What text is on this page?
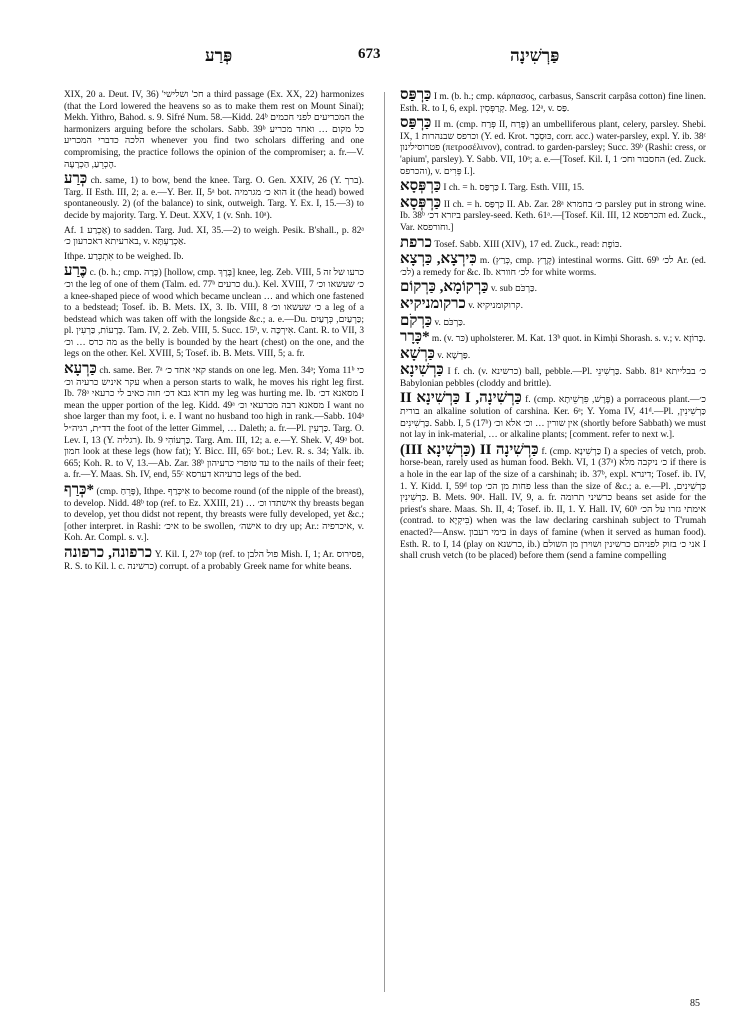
פְּרַע	673	פַּרְשִׁינָה

XIX, 20 a. Deut. IV, 36) 'חכ' ושלישי a third passage (Ex. XX, 22) harmonizes (that the Lord lowered the heavens so as to make them rest on Mount Sinai); Mekh. Yithro, Bahod. s. 9. Sifré Num. 58.—Kidd. 24ᵇ המכריעים לפני חכמים the harmonizers arguing before the scholars. Sabb. 39ᵇ כל מקום … ואחד מכריע הלכה כדברי המכריע whenever you find two scholars differing and one compromising, the practice follows the opinion of the compromiser; a. fr.—V. הֶכְרֵעַ, הַכְרָעָה.

כְּרַע ch. same, 1) to bow, bend the knee. Targ. O. Gen. XXIV, 26 (Y. ברך). Targ. II Esth. III, 2; a. e.—Y. Ber. II, 5ᵃ bot. הוא כ׳ מגרמיה it (the head) bowed spontaneously. 2) (of the balance) to sink, outweigh. Targ. Y. Ex. I, 15.—3) to decide by majority. Targ. Y. Deut. XXV, 1 (v. Snh. 10ᵃ).

Af. אַכְרַע 1) to sadden. Targ. Jud. XI, 35.—2) to weigh. Pesik. B'shall., p. 82ᵃ בארעיתא דאכרעון כ׳, v. אַכְרַעְתָּא.

Ithpe. אִתְכְּרַע to be weighed. Ib.

כֶּרַע c. (b. h.; cmp. כָּרָה) [hollow, cmp. בֶּרֶךְ] knee, leg. Zeb. VIII, 5 כרעו של זה וכ׳ the leg of one of them (Talm. ed. 77ᵇ כרעים du.). Kel. XVIII, 7 כ׳ שעשאו וכ׳ a knee-shaped piece of wood which became unclean … and which one fastened to a bedstead; Tosef. ib. B. Mets. IX, 3. Ib. VIII, 8 כ׳ שעשאו וכ׳ a leg of a bedstead which was taken off with the longside &c.; a. e.—Du. כַּרְעַיִם, כְּרָעַיִם; pl. כְּרָעוֹת, כַּרְעִין. Tam. IV, 2. Zeb. VIII, 5. Succ. 15ᵇ, v. אִירְכָּה. Cant. R. to VII, 3 מה כרס … וכ׳ as the belly is bounded by the heart (chest) on the one, and the legs on the other. Kel. XVIII, 5; Tosef. ib. B. Mets. VIII, 5; a. fr.

כַּרְעָא ch. same. Ber. 7ᵃ קאי אחד כ׳ stands on one leg. Men. 34ᵃ; Yoma 11ᵇ כי עקר איניש כרעיה וכ׳ when a person starts to walk, he moves his right leg first. Ib. 78ᵃ חדא גבא דכ׳ חוה כאיב לי כרעאי my leg was hurting me. Ib. מסאנא דכ׳ I mean the upper portion of the leg. Kidd. 49ᵃ מסאנא רבה מכרעאי וכ׳ I want no shoe larger than my foot, i. e. I want no husband too high in rank.—Sabb. 104ᵃ דד״ת, רגיה״ל the foot of the letter Gimmel, … Daleth; a. fr.—Pl. כַּרְעִין. Targ. O. Lev. I, 13 (Y. רגליה). Ib. 9 כַּרְעוֹהִי. Targ. Am. III, 12; a. e.—Y. Shek. V, 49ᵃ bot. חמון look at these legs (how fat); Y. Bicc. III, 65ᶜ bot.; Lev. R. s. 34; Yalk. ib. 665; Koh. R. to V, 13.—Ab. Zar. 38ᵇ עד טופרי כרעיהון to the nails of their feet; a. fr.—Y. Maas. Sh. IV, end, 55ᶜ כרעיהא דערסא legs of the bed.

*כְּרַף (cmp. פָּרֵחַ), Ithpe. אִיכְּרַף to become round (of the nipple of the breast), to develop. Nidd. 48ᵇ top (ref. to Ez. XXIII, 21) … אישתדו וכ׳ thy breasts began to develop, yet thou didst not repent, thy breasts were fully developed, yet &c.; [other interpret. in Rashi: איכ׳ to be swollen, אישה׳ to dry up; Ar.: איכרפיה, v. Koh. Ar. Compl. s. v.].

כרפונה, כרפונה Y. Kil. I, 27ᵃ top (ref. to פול הלבן Mish. I, 1; Ar. פסירוס, R. S. to Kil. l. c. כרשינה) corrupt. of a probably Greek name for white beans.

כַּרְפַּס I m. (b. h.; cmp. κάρπασος, carbasus, Sanscrit carpâsa cotton) fine linen. Esth. R. to I, 6, expl. קְרַפְּסִין. Meg. 12ᵃ, v. פַּס.

כַּרְפַּס II m. (cmp. פְּרַח II, פֶּרַח) an umbelliferous plant, celery, parsley. Shebi. IX, 1 וכרפס שבנהרות (Y. ed. Krot. כּוּסְבָר, corr. acc.) water-parsley, expl. Y. ib. 38ᶜ פטרוסילינון (πετροσέλινον), contrad. to garden-parsley; Succ. 39ᵇ (Rashi: cress, or 'apium', parsley). Y. Sabb. VII, 10ᵃ; a. e.—[Tosef. Kil. I, 1 החסבור וחכ׳ (ed. Zuck. והכרפס), v. פְּרִים I.].

כַּרְפְּסָא I ch. = h. כַּרְפַּס I. Targ. Esth. VIII, 15.

כַּרְפְּסָא II ch. = h. כַּרְפַּס II. Ab. Zar. 28ᵃ כ׳ בחמרא parsley put in strong wine. Ib. 38ᵇ ביזרא דכ׳ parsley-seed. Keth. 61ᵃ.—[Tosef. Kil. III, 12 והכרפסא ed. Zuck., Var. וחורפסא.]

כרפת Tosef. Sabb. XIII (XIV), 17 ed. Zuck., read: כּוֹפֶת.

כִּירְצָא, כַּרְצָא m. (כְּרַץ, cmp. קֶרֶץ) intestinal worms. Gitt. 69ᵇ לכ׳ Ar. (ed. לכ׳) a remedy for &c. Ib. לכ׳ חוורא for white worms.

כַּרְקוֹמָא, כַּרְקוֹם v. sub כַּרְכֹּם.

כרקומניקיא v. קרוקומניקיא.

כַּרְקֹם v. כַּרְכֹּם.

*כָּרָר m. (v. כּר) upholsterer. M. Kat. 13ᵇ quot. in Kimḥi Shorash. s. v.; v. כָּרוֹזָא.

כַּרְשָׁא v. פַּרְשָׁא.

כַּרְשִׁינָא I f. ch. (v. כרשינא) ball, pebble.—Pl. כַּרְשִׁינֵי. Sabb. 81ᵃ כ׳ בבלייתא Babylonian pebbles (cloddy and brittle).

כַּרְשִׁינָה, I כַּרְשִׁינָא II f. (cmp. פֶּרֶשׁ, פִּרְשֵׁיתָא) a porraceous plant.—כ׳ בורית an alkaline solution of carshina. Ker. 6ᵃ; Y. Yoma IV, 41ᵈ.—Pl. כַּרְשִׁינִין, כַּרְשִׁינִים. Sabb. I, 5 (17ᵇ) אין שורין … וכ׳ אלא וכ׳ (shortly before Sabbath) we must not lay in ink-material, … or alkaline plants; [comment. refer to next w.].

כַּרְשִׁינָה II (כַּרְשִׁינָא III) f. (cmp. כַּרְשִׁינָא I) a species of vetch, prob. horse-bean, rarely used as human food. Bekh. VI, 1 (37ᵃ) כ׳ ניקבה מלא if there is a hole in the ear lap of the size of a carshinah; ib. 37ᵇ, expl. דינרא; Tosef. ib. IV, 1. Y. Kidd. I, 59ᵈ top פחות מן הכ׳ less than the size of &c.; a. e.—Pl. כַּרְשִׁינִים, כַּרְשִׁינִין. B. Mets. 90ᵃ. Hall. IV, 9, a. fr. כרשיני תרומה beans set aside for the priest's share. Maas. Sh. II, 4; Tosef. ib. II, 1. Y. Hall. IV, 60ᵇ אימתי גזרו על הכ׳ (contrad. to בִּיקְיָא) when was the law declaring carshinah subject to T'rumah enacted?—Answ. בימי רעבון in days of famine (when it served as human food). Esth. R. to I, 14 (play on כרשנא, ib.) אני כ׳ בזוק לפניהם כרשינין ושוירן מן השולם I shall crush vetch (to be placed) before them (send a famine compelling

85
